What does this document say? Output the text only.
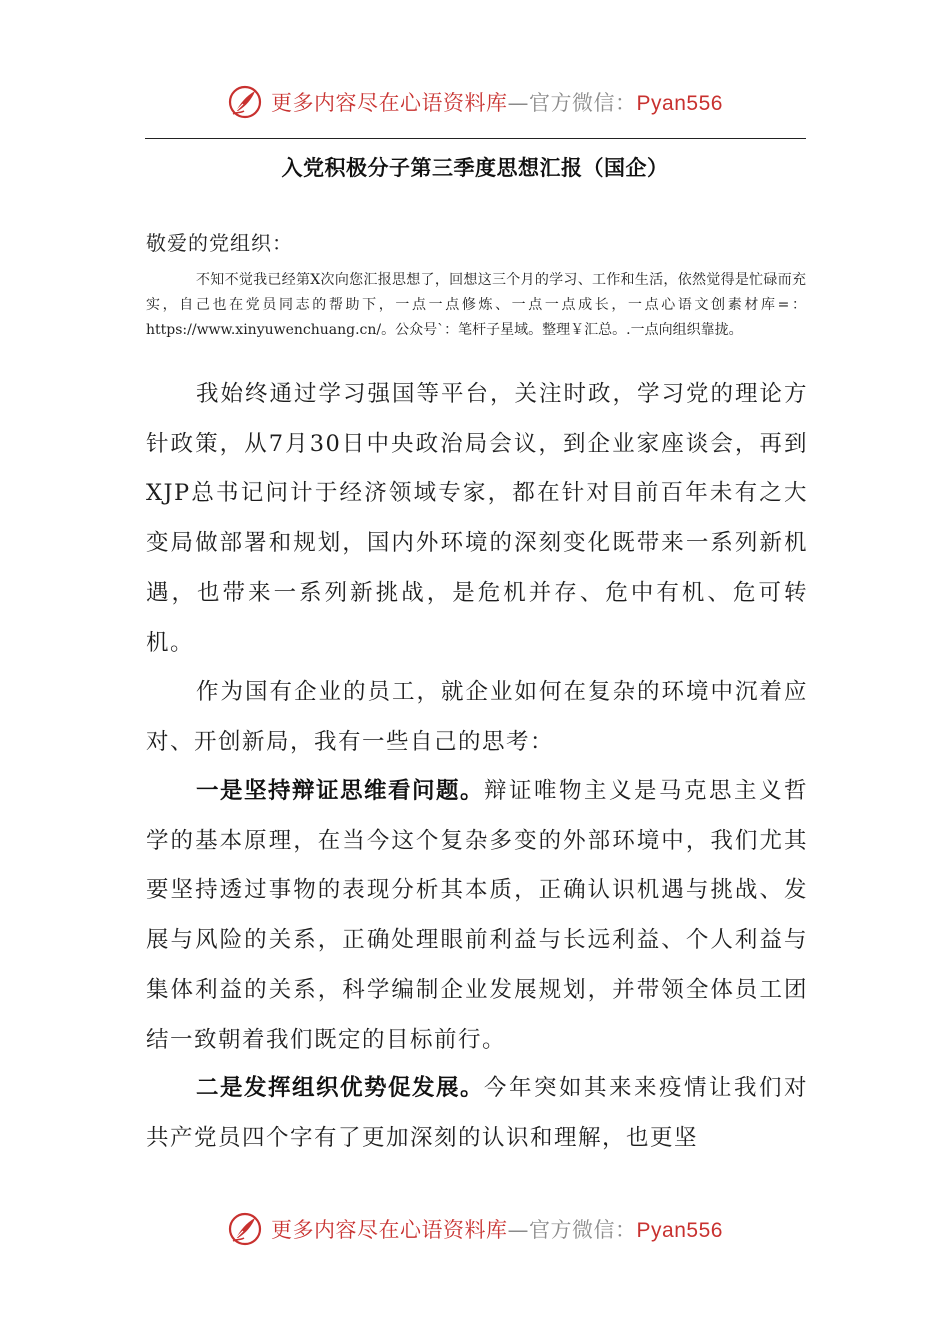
更多内容尽在心语资料库—官方微信：Pyan556
入党积极分子第三季度思想汇报（国企）
敬爱的党组织：
不知不觉我已经第Ⅹ次向您汇报思想了，回想这三个月的学习、工作和生活，依然觉得是忙碌而充实，自己也在党员同志的帮助下，一点一点修炼、一点一点成长，一点心语文创素材库=：https://www.xinyuwenchuang.cn/。公众号`：笔杆子星域。整理￥汇总。.一点向组织靠拢。
我始终通过学习强国等平台，关注时政，学习党的理论方针政策，从7月30日中央政治局会议，到企业家座谈会，再到XJP总书记问计于经济领域专家，都在针对目前百年未有之大变局做部署和规划，国内外环境的深刻变化既带来一系列新机遇，也带来一系列新挑战，是危机并存、危中有机、危可转机。
作为国有企业的员工，就企业如何在复杂的环境中沉着应对、开创新局，我有一些自己的思考：
一是坚持辩证思维看问题。辩证唯物主义是马克思主义哲学的基本原理，在当今这个复杂多变的外部环境中，我们尤其要坚持透过事物的表现分析其本质，正确认识机遇与挑战、发展与风险的关系，正确处理眼前利益与长远利益、个人利益与集体利益的关系，科学编制企业发展规划，并带领全体员工团结一致朝着我们既定的目标前行。
二是发挥组织优势促发展。今年突如其来来疫情让我们对共产党员四个字有了更加深刻的认识和理解，也更坚
更多内容尽在心语资料库—官方微信：Pyan556
